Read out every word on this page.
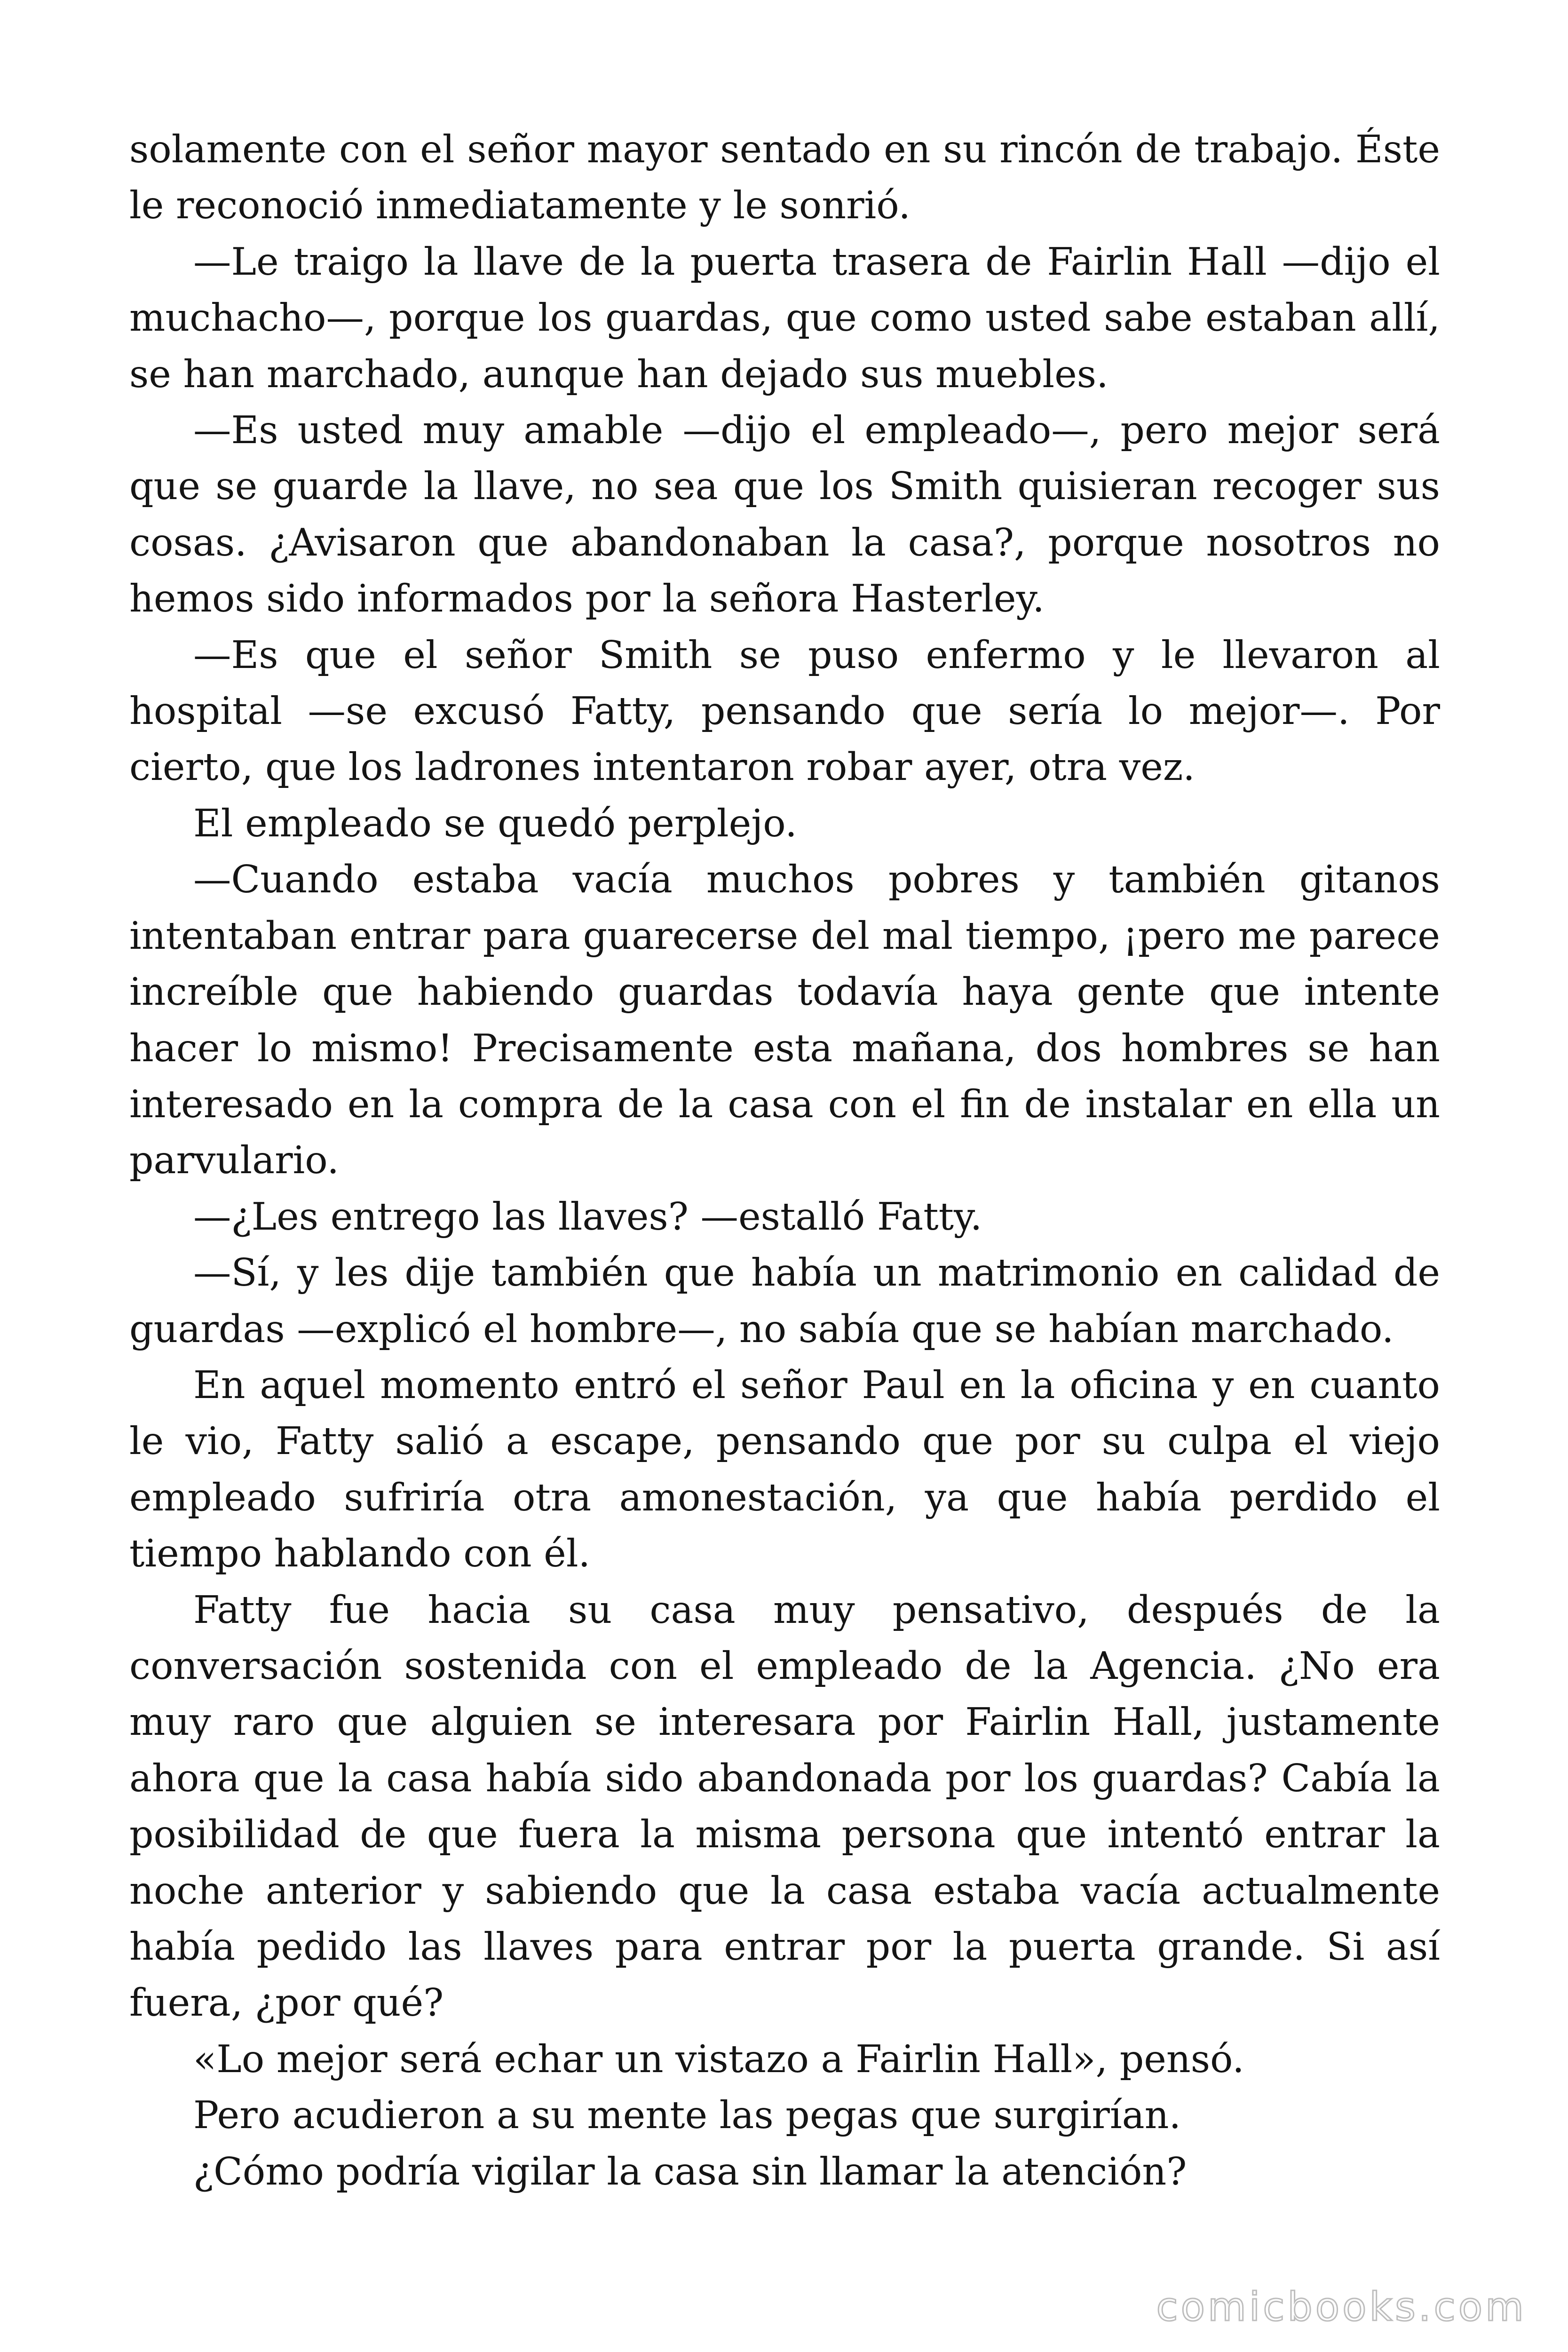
solamente con el señor mayor sentado en su rincón de trabajo. Éste le reconoció inmediatamente y le sonrió.

—Le traigo la llave de la puerta trasera de Fairlin Hall —dijo el muchacho—, porque los guardas, que como usted sabe estaban allí, se han marchado, aunque han dejado sus muebles.

—Es usted muy amable —dijo el empleado—, pero mejor será que se guarde la llave, no sea que los Smith quisieran recoger sus cosas. ¿Avisaron que abandonaban la casa?, porque nosotros no hemos sido informados por la señora Hasterley.

—Es que el señor Smith se puso enfermo y le llevaron al hospital —se excusó Fatty, pensando que sería lo mejor—. Por cierto, que los ladrones intentaron robar ayer, otra vez.

El empleado se quedó perplejo.

—Cuando estaba vacía muchos pobres y también gitanos intentaban entrar para guarecerse del mal tiempo, ¡pero me parece increíble que habiendo guardas todavía haya gente que intente hacer lo mismo! Precisamente esta mañana, dos hombres se han interesado en la compra de la casa con el fin de instalar en ella un parvulario.

—¿Les entrego las llaves? —estalló Fatty.

—Sí, y les dije también que había un matrimonio en calidad de guardas —explicó el hombre—, no sabía que se habían marchado.

En aquel momento entró el señor Paul en la oficina y en cuanto le vio, Fatty salió a escape, pensando que por su culpa el viejo empleado sufriría otra amonestación, ya que había perdido el tiempo hablando con él.

Fatty fue hacia su casa muy pensativo, después de la conversación sostenida con el empleado de la Agencia. ¿No era muy raro que alguien se interesara por Fairlin Hall, justamente ahora que la casa había sido abandonada por los guardas? Cabía la posibilidad de que fuera la misma persona que intentó entrar la noche anterior y sabiendo que la casa estaba vacía actualmente había pedido las llaves para entrar por la puerta grande. Si así fuera, ¿por qué?

«Lo mejor será echar un vistazo a Fairlin Hall», pensó.

Pero acudieron a su mente las pegas que surgirían.

¿Cómo podría vigilar la casa sin llamar la atención?

comicbooks.com
